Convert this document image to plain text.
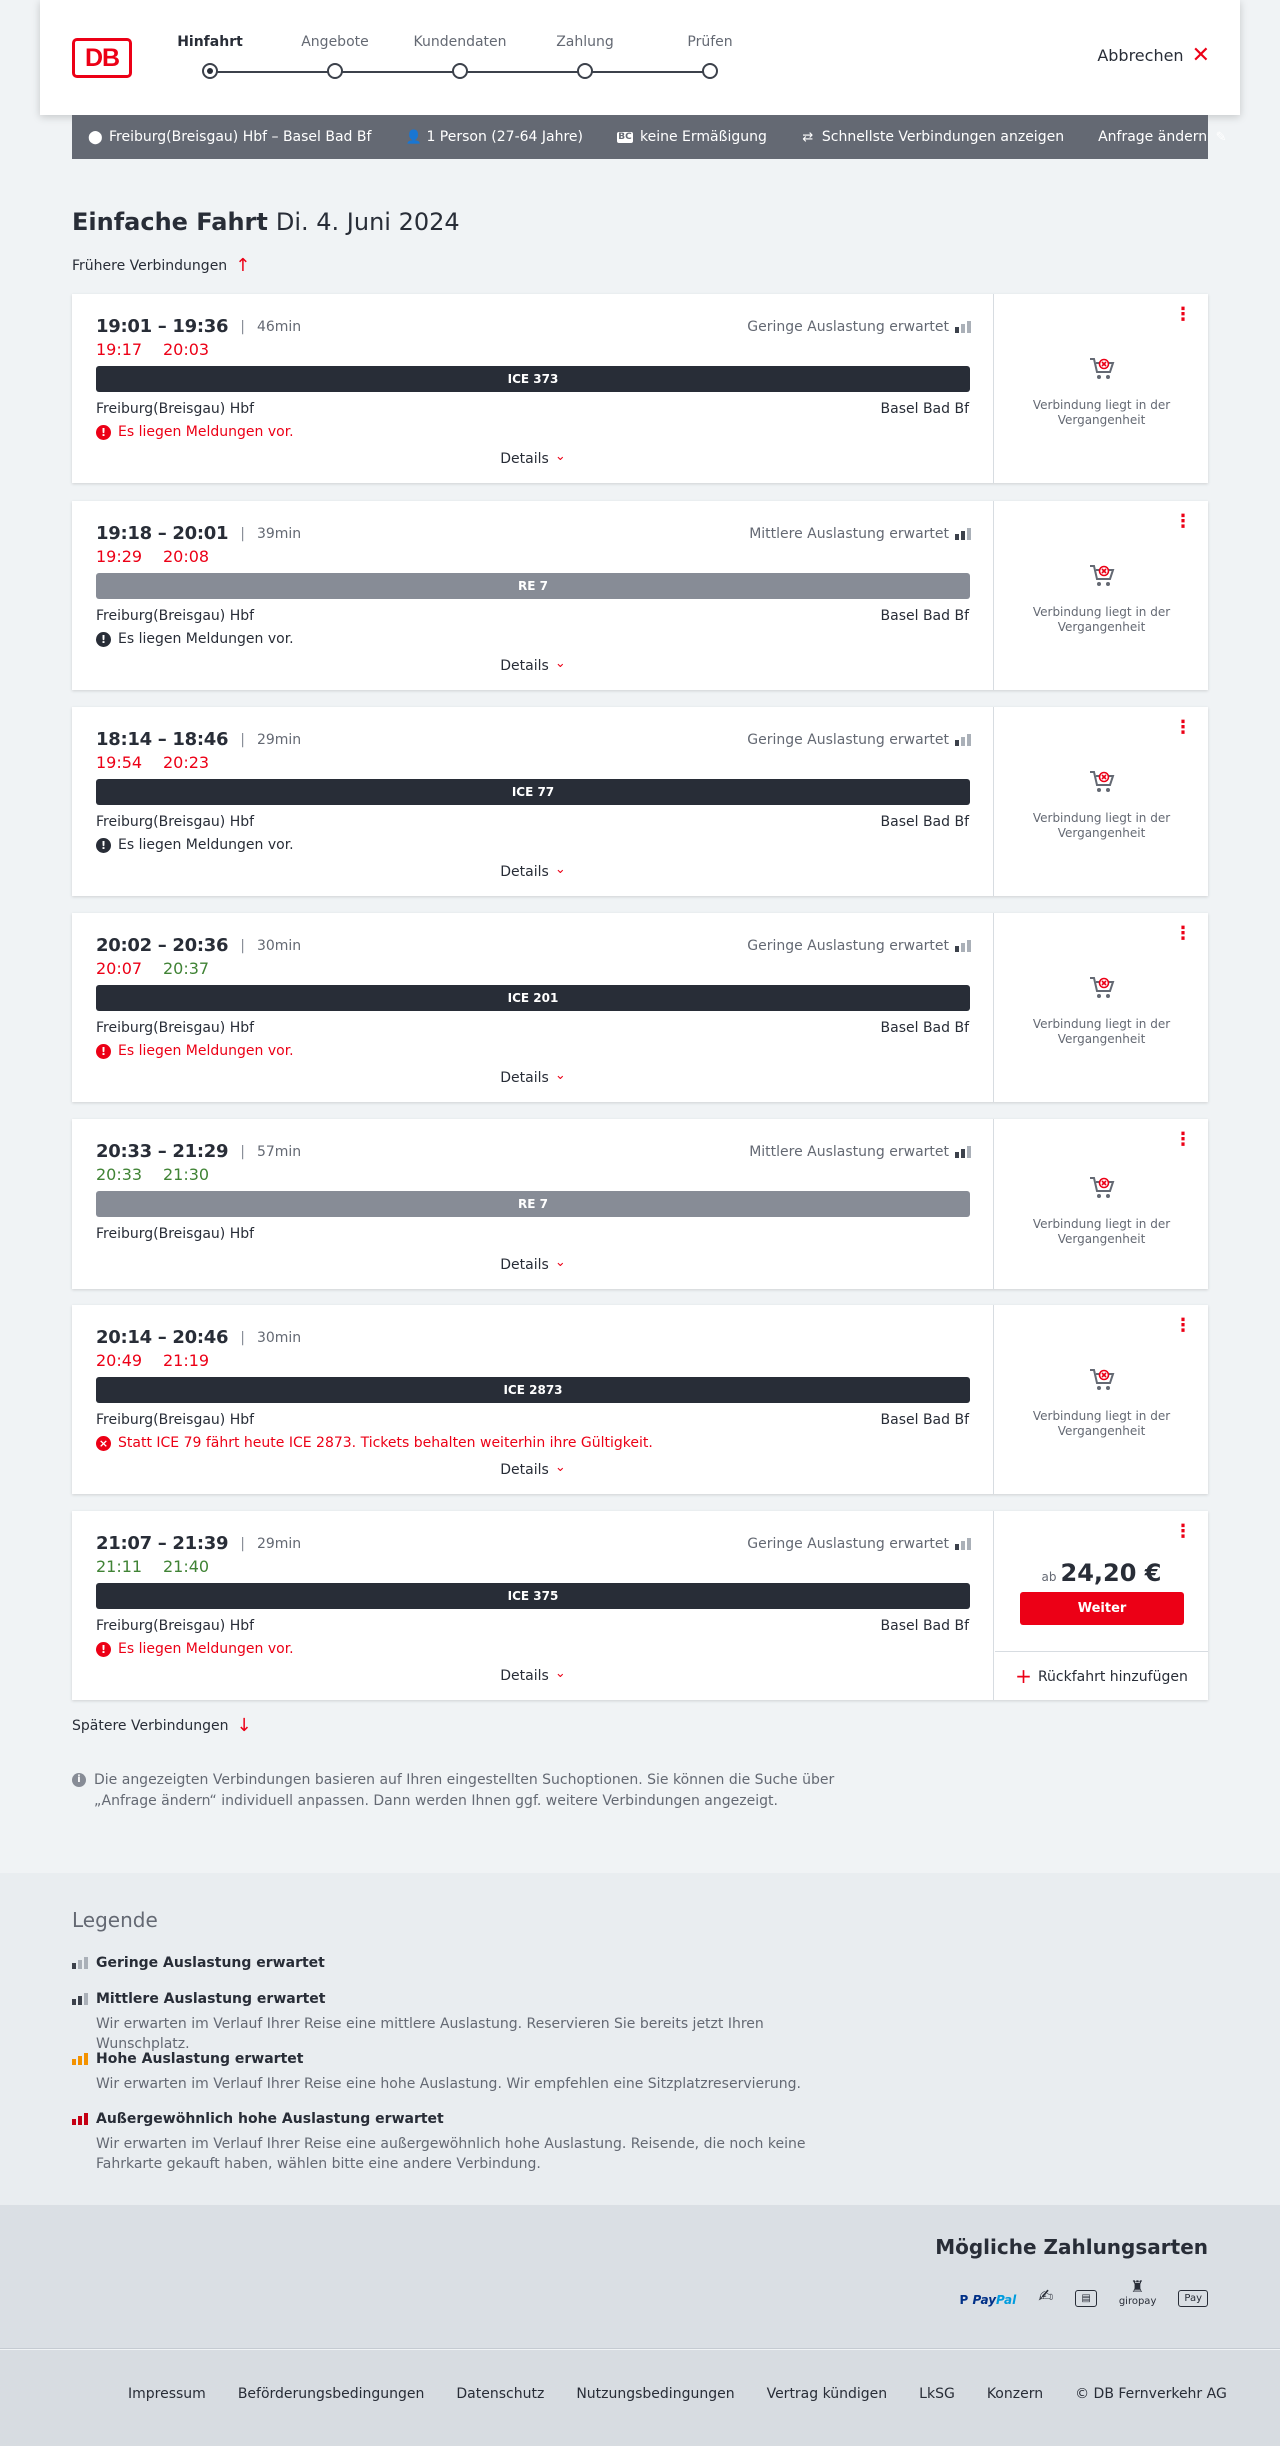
DB
Hinfahrt	Angebote	Kundendaten	Zahlung	Prüfen
Abbrechen ✕
⬤ Freiburg(Breisgau) Hbf – Basel Bad Bf	👤 1 Person (27-64 Jahre)	BC keine Ermäßigung	⇄ Schnellste Verbindungen anzeigen Anfrage ändern ✎
Einfache Fahrt Di. 4. Juni 2024
Frühere Verbindungen ↑
19:01 – 19:36 | 46min
19:17 20:03
Geringe Auslastung erwartet
ICE 373
Freiburg(Breisgau) Hbf	Basel Bad Bf
! Es liegen Meldungen vor.
Details ⌄
⋮
Verbindung liegt in der Vergangenheit
19:18 – 20:01 | 39min
19:29 20:08
Mittlere Auslastung erwartet
RE 7
Freiburg(Breisgau) Hbf	Basel Bad Bf
! Es liegen Meldungen vor.
Details ⌄
⋮
Verbindung liegt in der Vergangenheit
18:14 – 18:46 | 29min
19:54 20:23
Geringe Auslastung erwartet
ICE 77
Freiburg(Breisgau) Hbf	Basel Bad Bf
! Es liegen Meldungen vor.
Details ⌄
⋮
Verbindung liegt in der Vergangenheit
20:02 – 20:36 | 30min
20:07 20:37
Geringe Auslastung erwartet
ICE 201
Freiburg(Breisgau) Hbf	Basel Bad Bf
! Es liegen Meldungen vor.
Details ⌄
⋮
Verbindung liegt in der Vergangenheit
20:33 – 21:29 | 57min
20:33 21:30
Mittlere Auslastung erwartet
RE 7
Freiburg(Breisgau) Hbf
Details ⌄
⋮
Verbindung liegt in der Vergangenheit
20:14 – 20:46 | 30min
20:49 21:19
ICE 2873
Freiburg(Breisgau) Hbf	Basel Bad Bf
× Statt ICE 79 fährt heute ICE 2873. Tickets behalten weiterhin ihre Gültigkeit.
Details ⌄
⋮
Verbindung liegt in der Vergangenheit
21:07 – 21:39 | 29min
21:11 21:40
Geringe Auslastung erwartet
ICE 375
Freiburg(Breisgau) Hbf	Basel Bad Bf
! Es liegen Meldungen vor.
Details ⌄
⋮
ab 24,20 €
Weiter
+ Rückfahrt hinzufügen
Spätere Verbindungen ↓
i Die angezeigten Verbindungen basieren auf Ihren eingestellten Suchoptionen. Sie können die Suche über „Anfrage ändern“ individuell anpassen. Dann werden Ihnen ggf. weitere Verbindungen angezeigt.
Legende
Geringe Auslastung erwartet
Mittlere Auslastung erwartet
Wir erwarten im Verlauf Ihrer Reise eine mittlere Auslastung. Reservieren Sie bereits jetzt Ihren Wunschplatz.
Hohe Auslastung erwartet
Wir erwarten im Verlauf Ihrer Reise eine hohe Auslastung. Wir empfehlen eine Sitzplatzreservierung.
Außergewöhnlich hohe Auslastung erwartet
Wir erwarten im Verlauf Ihrer Reise eine außergewöhnlich hohe Auslastung. Reisende, die noch keine Fahrkarte gekauft haben, wählen bitte eine andere Verbindung.
Mögliche Zahlungsarten
P PayPal ✍	▤
♜
giropay	Pay
Impressum Beförderungsbedingungen Datenschutz Nutzungsbedingungen Vertrag kündigen LkSG Konzern © DB Fernverkehr AG
